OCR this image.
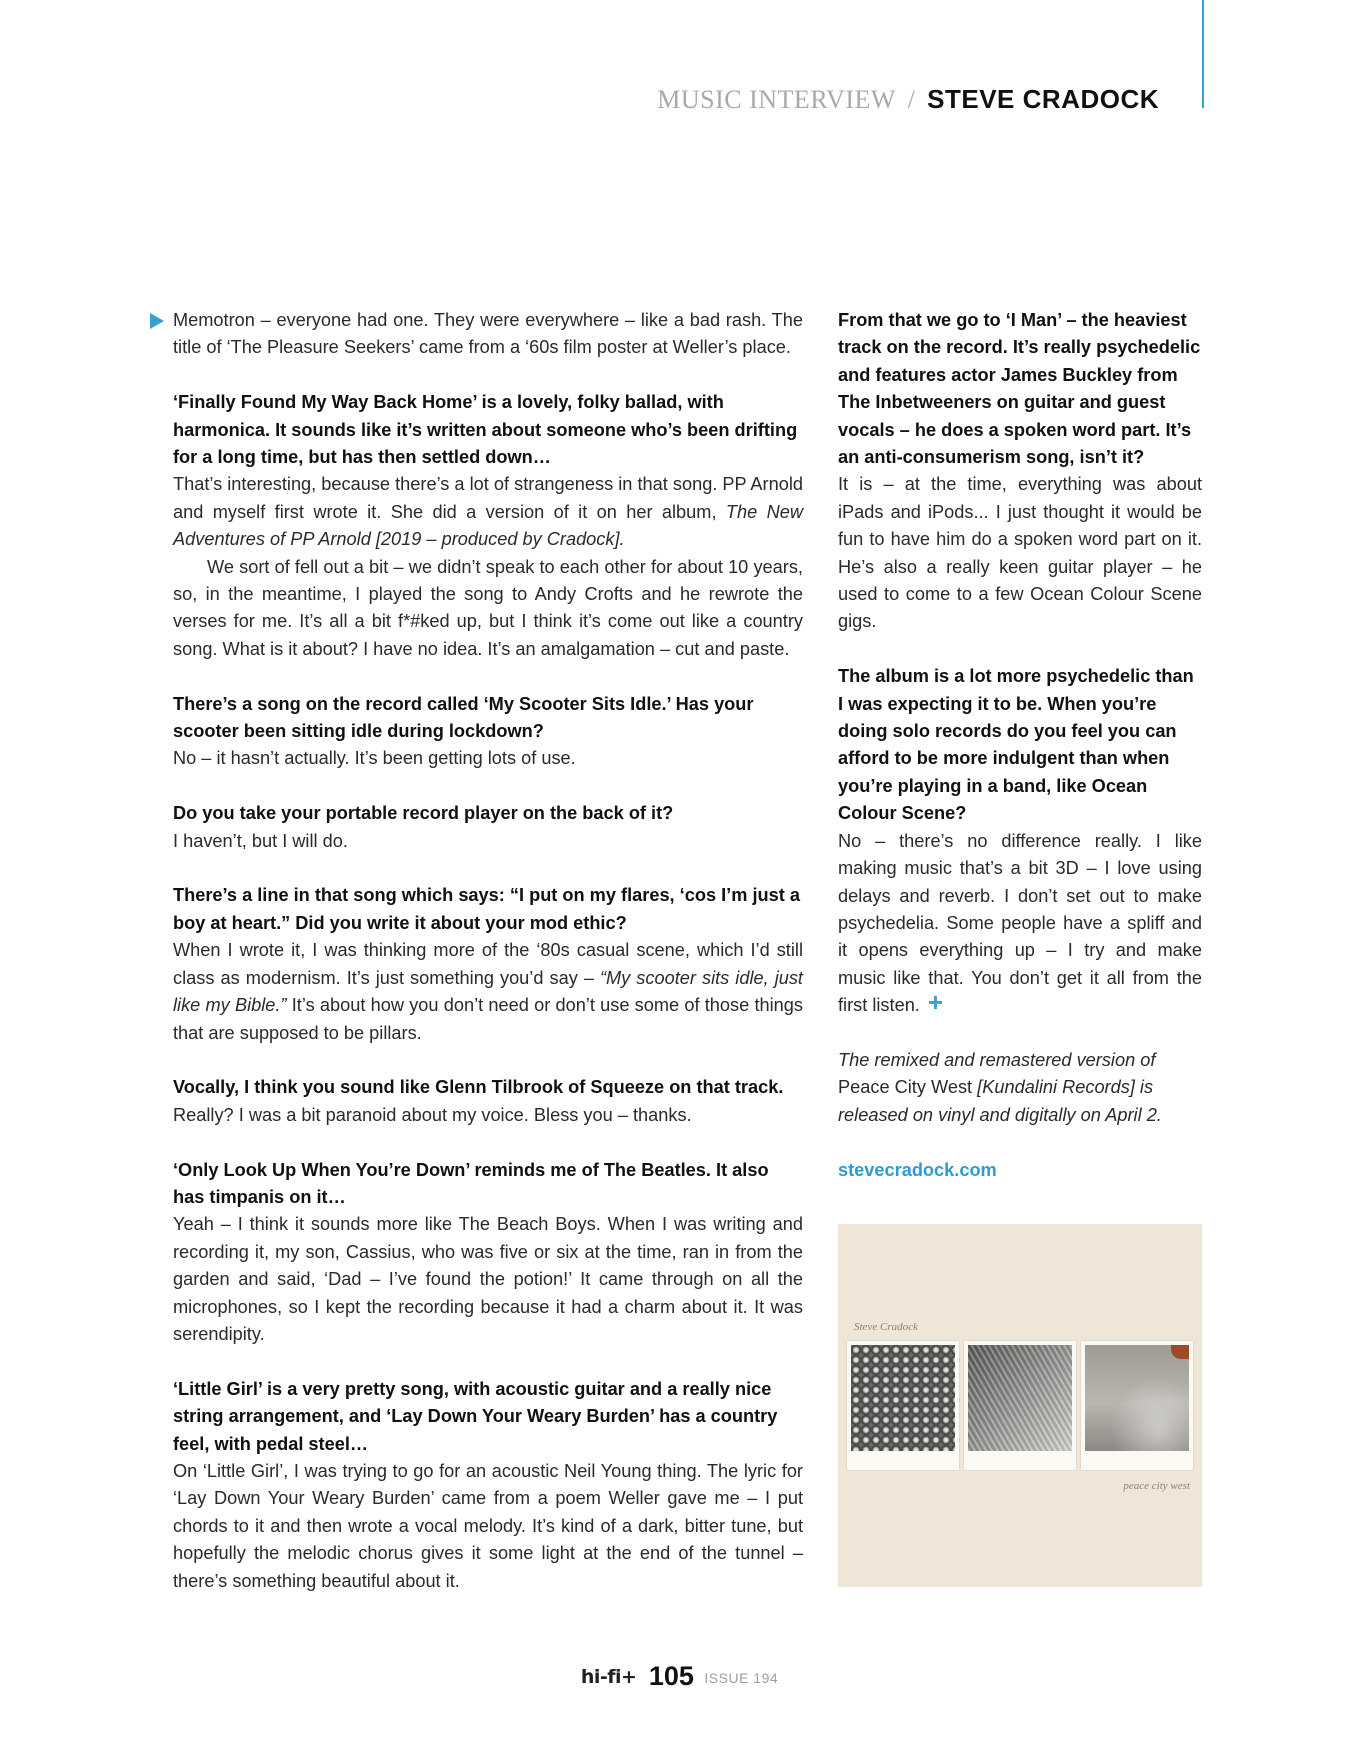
MUSIC INTERVIEW / STEVE CRADOCK
Memotron – everyone had one. They were everywhere – like a bad rash. The title of ‘The Pleasure Seekers’ came from a ‘60s film poster at Weller’s place.
‘Finally Found My Way Back Home’ is a lovely, folky ballad, with harmonica. It sounds like it’s written about someone who’s been drifting for a long time, but has then settled down…
That’s interesting, because there’s a lot of strangeness in that song. PP Arnold and myself first wrote it. She did a version of it on her album, The New Adventures of PP Arnold [2019 – produced by Cradock].
We sort of fell out a bit – we didn’t speak to each other for about 10 years, so, in the meantime, I played the song to Andy Crofts and he rewrote the verses for me. It’s all a bit f*#ked up, but I think it’s come out like a country song. What is it about? I have no idea. It’s an amalgamation – cut and paste.
There’s a song on the record called ‘My Scooter Sits Idle.’ Has your scooter been sitting idle during lockdown?
No – it hasn’t actually. It’s been getting lots of use.
Do you take your portable record player on the back of it?
I haven’t, but I will do.
There’s a line in that song which says: “I put on my flares, ‘cos I’m just a boy at heart.” Did you write it about your mod ethic?
When I wrote it, I was thinking more of the ‘80s casual scene, which I’d still class as modernism. It’s just something you’d say – “My scooter sits idle, just like my Bible.” It’s about how you don’t need or don’t use some of those things that are supposed to be pillars.
Vocally, I think you sound like Glenn Tilbrook of Squeeze on that track.
Really? I was a bit paranoid about my voice. Bless you – thanks.
‘Only Look Up When You’re Down’ reminds me of The Beatles. It also has timpanis on it…
Yeah – I think it sounds more like The Beach Boys. When I was writing and recording it, my son, Cassius, who was five or six at the time, ran in from the garden and said, ‘Dad – I’ve found the potion!’ It came through on all the microphones, so I kept the recording because it had a charm about it. It was serendipity.
‘Little Girl’ is a very pretty song, with acoustic guitar and a really nice string arrangement, and ‘Lay Down Your Weary Burden’ has a country feel, with pedal steel…
On ‘Little Girl’, I was trying to go for an acoustic Neil Young thing. The lyric for ‘Lay Down Your Weary Burden’ came from a poem Weller gave me – I put chords to it and then wrote a vocal melody. It’s kind of a dark, bitter tune, but hopefully the melodic chorus gives it some light at the end of the tunnel – there’s something beautiful about it.
From that we go to ‘I Man’ – the heaviest track on the record. It’s really psychedelic and features actor James Buckley from The Inbetweeners on guitar and guest vocals – he does a spoken word part. It’s an anti-consumerism song, isn’t it?
It is – at the time, everything was about iPads and iPods... I just thought it would be fun to have him do a spoken word part on it. He’s also a really keen guitar player – he used to come to a few Ocean Colour Scene gigs.
The album is a lot more psychedelic than I was expecting it to be. When you’re doing solo records do you feel you can afford to be more indulgent than when you’re playing in a band, like Ocean Colour Scene?
No – there’s no difference really. I like making music that’s a bit 3D – I love using delays and reverb. I don’t set out to make psychedelia. Some people have a spliff and it opens everything up – I try and make music like that. You don’t get it all from the first listen. +
The remixed and remastered version of
Peace City West [Kundalini Records] is released on vinyl and digitally on April 2.
stevecradock.com
Steve Cradock
peace city west
hi-fi+ 105 ISSUE 194
